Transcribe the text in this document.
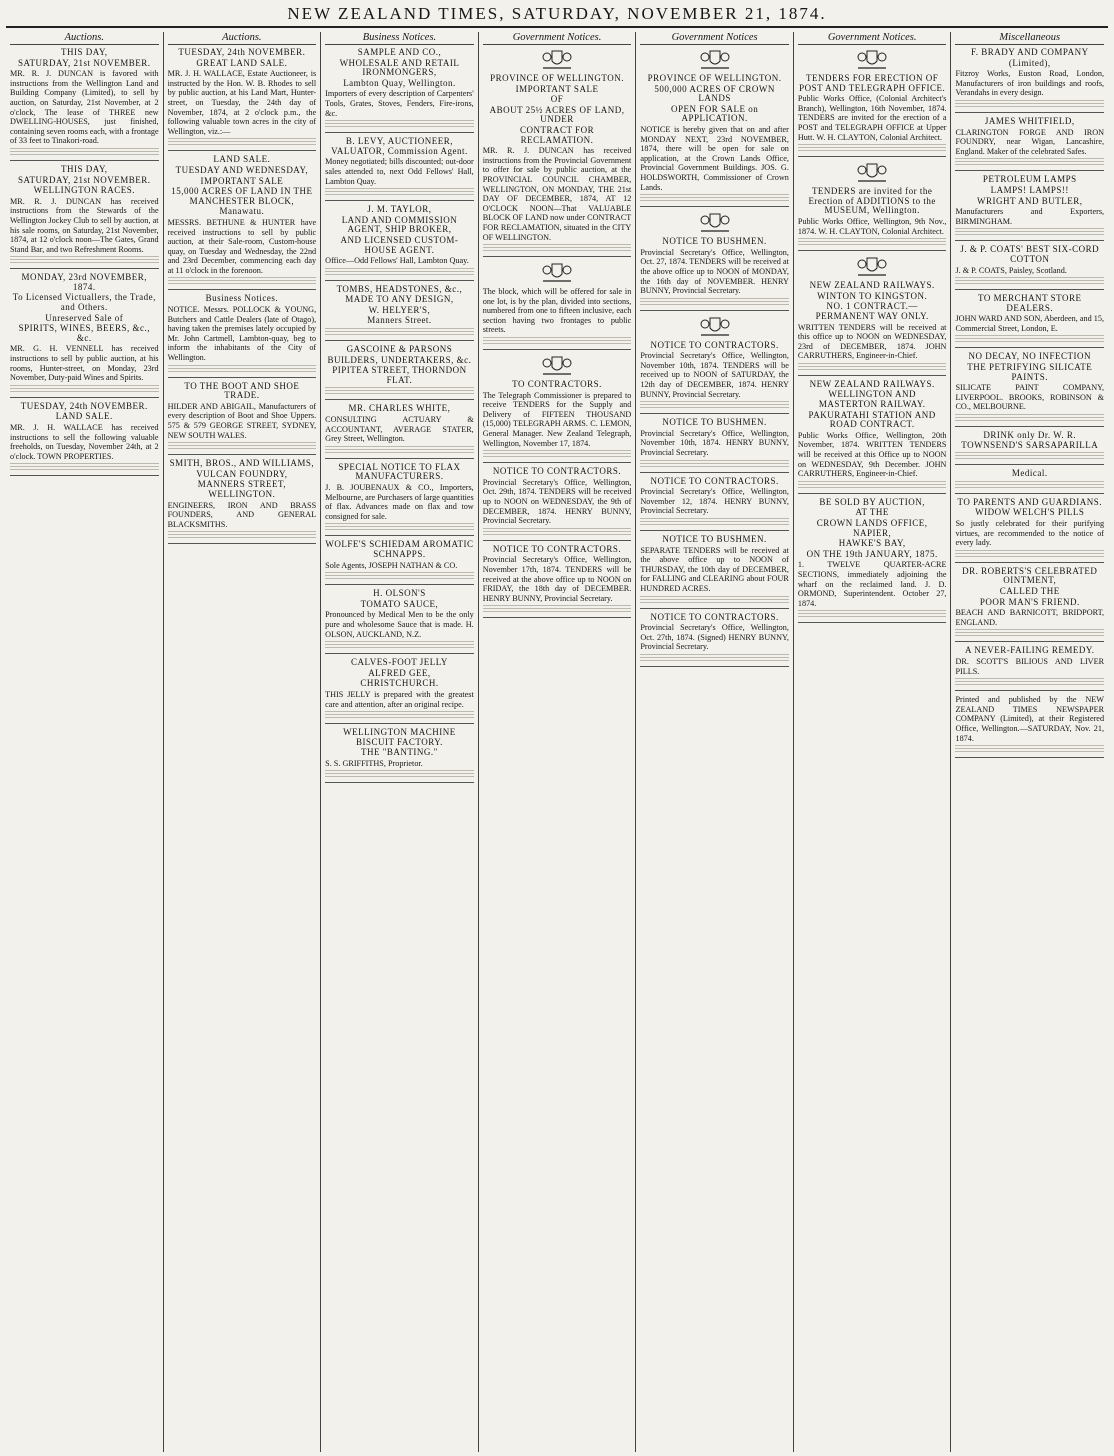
NEW ZEALAND TIMES, SATURDAY, NOVEMBER 21, 1874.
Auctions.
THIS DAY,
SATURDAY, 21st NOVEMBER.

MR. R. J. DUNCAN is favored with instructions from the Wellington Land and Building Company (Limited), to sell by auction, on Saturday, 21st November, at 2 o'clock, The lease of THREE new DWELLING-HOUSES, just finished, containing seven rooms each, with a frontage of 33 feet to Tinakori-road.

THIS DAY,
SATURDAY, 21st NOVEMBER.
WELLINGTON RACES.

MR. R. J. DUNCAN has received instructions from the Stewards of the Wellington Jockey Club to sell by auction, at his sale rooms, on Saturday, 21st November, 1874, at 12 o'clock noon—The Gates, Grand Stand Bar, and two Refreshment Rooms.

MONDAY, 23rd NOVEMBER, 1874.
To Licensed Victuallers, the Trade, and Others.
Unreserved Sale of
SPIRITS, WINES, BEERS, &c., &c.

MR. G. H. VENNELL has received instructions to sell by public auction, at his rooms, Hunter-street, on Monday, 23rd November, Duty-paid Wines and Spirits.

TUESDAY, 24th NOVEMBER.
LAND SALE.

MR. J. H. WALLACE has received instructions to sell the following valuable freeholds, on Tuesday, November 24th, at 2 o'clock. TOWN PROPERTIES.

Auctions.
TUESDAY, 24th NOVEMBER.
GREAT LAND SALE.

MR. J. H. WALLACE, Estate Auctioneer, is instructed by the Hon. W. B. Rhodes to sell by public auction, at his Land Mart, Hunter-street, on Tuesday, the 24th day of November, 1874, at 2 o'clock p.m., the following valuable town acres in the city of Wellington, viz.:—

LAND SALE.
TUESDAY AND WEDNESDAY,
IMPORTANT SALE
15,000 ACRES OF LAND IN THE MANCHESTER BLOCK,
Manawatu.

MESSRS. BETHUNE & HUNTER have received instructions to sell by public auction, at their Sale-room, Custom-house quay, on Tuesday and Wednesday, the 22nd and 23rd December, commencing each day at 11 o'clock in the forenoon.

Business Notices.

NOTICE. Messrs. POLLOCK & YOUNG, Butchers and Cattle Dealers (late of Otago), having taken the premises lately occupied by Mr. John Cartmell, Lambton-quay, beg to inform the inhabitants of the City of Wellington.

TO THE BOOT AND SHOE TRADE.

HILDER AND ABIGAIL, Manufacturers of every description of Boot and Shoe Uppers. 575 & 579 GEORGE STREET, SYDNEY, NEW SOUTH WALES.

SMITH, BROS., AND WILLIAMS,
VULCAN FOUNDRY,
MANNERS STREET, WELLINGTON.

ENGINEERS, IRON AND BRASS FOUNDERS, AND GENERAL BLACKSMITHS.

Business Notices.
SAMPLE AND CO.,
WHOLESALE AND RETAIL IRONMONGERS,
Lambton Quay, Wellington.

Importers of every description of Carpenters' Tools, Grates, Stoves, Fenders, Fire-irons, &c.

B. LEVY, AUCTIONEER, VALUATOR, Commission Agent.

Money negotiated; bills discounted; out-door sales attended to, next Odd Fellows' Hall, Lambton Quay.

J. M. TAYLOR,
LAND AND COMMISSION AGENT, SHIP BROKER,
AND LICENSED CUSTOM-HOUSE AGENT.

Office—Odd Fellows' Hall, Lambton Quay.

TOMBS, HEADSTONES, &c.,
MADE TO ANY DESIGN,
W. HELYER'S,
Manners Street.
GASCOINE & PARSONS
BUILDERS, UNDERTAKERS, &c.
PIPITEA STREET, THORNDON FLAT.
MR. CHARLES WHITE,

CONSULTING ACTUARY & ACCOUNTANT, AVERAGE STATER, Grey Street, Wellington.

SPECIAL NOTICE TO FLAX MANUFACTURERS.

J. B. JOUBENAUX & CO., Importers, Melbourne, are Purchasers of large quantities of flax. Advances made on flax and tow consigned for sale.

WOLFE'S SCHIEDAM AROMATIC SCHNAPPS.

Sole Agents, JOSEPH NATHAN & CO.

H. OLSON'S
TOMATO SAUCE,

Pronounced by Medical Men to be the only pure and wholesome Sauce that is made. H. OLSON, AUCKLAND, N.Z.

CALVES-FOOT JELLY
ALFRED GEE,
CHRISTCHURCH.

THIS JELLY is prepared with the greatest care and attention, after an original recipe.

WELLINGTON MACHINE BISCUIT FACTORY.
THE "BANTING."

S. S. GRIFFITHS, Proprietor.

Government Notices.
PROVINCE OF WELLINGTON.
IMPORTANT SALE
OF
ABOUT 25½ ACRES OF LAND, UNDER
CONTRACT FOR RECLAMATION.

MR. R. J. DUNCAN has received instructions from the Provincial Government to offer for sale by public auction, at the PROVINCIAL COUNCIL CHAMBER, WELLINGTON, ON MONDAY, THE 21st DAY OF DECEMBER, 1874, AT 12 O'CLOCK NOON—That VALUABLE BLOCK OF LAND now under CONTRACT FOR RECLAMATION, situated in the CITY OF WELLINGTON.

The block, which will be offered for sale in one lot, is by the plan, divided into sections, numbered from one to fifteen inclusive, each section having two frontages to public streets.

TO CONTRACTORS.

The Telegraph Commissioner is prepared to receive TENDERS for the Supply and Delivery of FIFTEEN THOUSAND (15,000) TELEGRAPH ARMS. C. LEMON, General Manager. New Zealand Telegraph, Wellington, November 17, 1874.

NOTICE TO CONTRACTORS.

Provincial Secretary's Office, Wellington, Oct. 29th, 1874. TENDERS will be received up to NOON on WEDNESDAY, the 9th of DECEMBER, 1874. HENRY BUNNY, Provincial Secretary.

NOTICE TO CONTRACTORS.

Provincial Secretary's Office, Wellington, November 17th, 1874. TENDERS will be received at the above office up to NOON on FRIDAY, the 18th day of DECEMBER. HENRY BUNNY, Provincial Secretary.

Government Notices
PROVINCE OF WELLINGTON.
500,000 ACRES OF CROWN LANDS
OPEN FOR SALE on APPLICATION.

NOTICE is hereby given that on and after MONDAY NEXT, 23rd NOVEMBER, 1874, there will be open for sale on application, at the Crown Lands Office, Provincial Government Buildings. JOS. G. HOLDSWORTH, Commissioner of Crown Lands.

NOTICE TO BUSHMEN.

Provincial Secretary's Office, Wellington, Oct. 27, 1874. TENDERS will be received at the above office up to NOON of MONDAY, the 16th day of NOVEMBER. HENRY BUNNY, Provincial Secretary.

NOTICE TO CONTRACTORS.

Provincial Secretary's Office, Wellington, November 10th, 1874. TENDERS will be received up to NOON of SATURDAY, the 12th day of DECEMBER, 1874. HENRY BUNNY, Provincial Secretary.

NOTICE TO BUSHMEN.

Provincial Secretary's Office, Wellington, November 10th, 1874. HENRY BUNNY, Provincial Secretary.

NOTICE TO CONTRACTORS.

Provincial Secretary's Office, Wellington, November 12, 1874. HENRY BUNNY, Provincial Secretary.

NOTICE TO BUSHMEN.

SEPARATE TENDERS will be received at the above office up to NOON of THURSDAY, the 10th day of DECEMBER, for FALLING and CLEARING about FOUR HUNDRED ACRES.

NOTICE TO CONTRACTORS.

Provincial Secretary's Office, Wellington, Oct. 27th, 1874. (Signed) HENRY BUNNY, Provincial Secretary.

Government Notices.
TENDERS FOR ERECTION OF POST AND TELEGRAPH OFFICE.

Public Works Office, (Colonial Architect's Branch), Wellington, 16th November, 1874. TENDERS are invited for the erection of a POST and TELEGRAPH OFFICE at Upper Hutt. W. H. CLAYTON, Colonial Architect.

TENDERS are invited for the Erection of ADDITIONS to the MUSEUM, Wellington.

Public Works Office, Wellington, 9th Nov., 1874. W. H. CLAYTON, Colonial Architect.

NEW ZEALAND RAILWAYS.
WINTON TO KINGSTON.
NO. 1 CONTRACT.—PERMANENT WAY ONLY.

WRITTEN TENDERS will be received at this office up to NOON on WEDNESDAY, 23rd of DECEMBER, 1874. JOHN CARRUTHERS, Engineer-in-Chief.

NEW ZEALAND RAILWAYS.
WELLINGTON AND MASTERTON RAILWAY.
PAKURATAHI STATION AND ROAD CONTRACT.

Public Works Office, Wellington, 20th November, 1874. WRITTEN TENDERS will be received at this Office up to NOON on WEDNESDAY, 9th December. JOHN CARRUTHERS, Engineer-in-Chief.

BE SOLD BY AUCTION,
AT THE
CROWN LANDS OFFICE, NAPIER,
HAWKE'S BAY,
ON THE 19th JANUARY, 1875.

1. TWELVE QUARTER-ACRE SECTIONS, immediately adjoining the wharf on the reclaimed land. J. D. ORMOND, Superintendent. October 27, 1874.

Miscellaneous
F. BRADY AND COMPANY
(Limited),

Fitzroy Works, Euston Road, London, Manufacturers of iron buildings and roofs, Verandahs in every design.

JAMES WHITFIELD,

CLARINGTON FORGE AND IRON FOUNDRY, near Wigan, Lancashire, England. Maker of the celebrated Safes.

PETROLEUM LAMPS
LAMPS! LAMPS!!
WRIGHT AND BUTLER,

Manufacturers and Exporters, BIRMINGHAM.

J. & P. COATS' BEST SIX-CORD COTTON

J. & P. COATS, Paisley, Scotland.

TO MERCHANT STORE DEALERS.

JOHN WARD AND SON, Aberdeen, and 15, Commercial Street, London, E.

NO DECAY, NO INFECTION
THE PETRIFYING SILICATE PAINTS.

SILICATE PAINT COMPANY, LIVERPOOL. BROOKS, ROBINSON & CO., MELBOURNE.

DRINK only Dr. W. R. TOWNSEND'S SARSAPARILLA
Medical.
TO PARENTS AND GUARDIANS.
WIDOW WELCH'S PILLS

So justly celebrated for their purifying virtues, are recommended to the notice of every lady.

DR. ROBERTS'S CELEBRATED OINTMENT,
CALLED THE
POOR MAN'S FRIEND.

BEACH AND BARNICOTT, BRIDPORT, ENGLAND.

A NEVER-FAILING REMEDY.

DR. SCOTT'S BILIOUS AND LIVER PILLS.

Printed and published by the NEW ZEALAND TIMES NEWSPAPER COMPANY (Limited), at their Registered Office, Wellington.—SATURDAY, Nov. 21, 1874.
